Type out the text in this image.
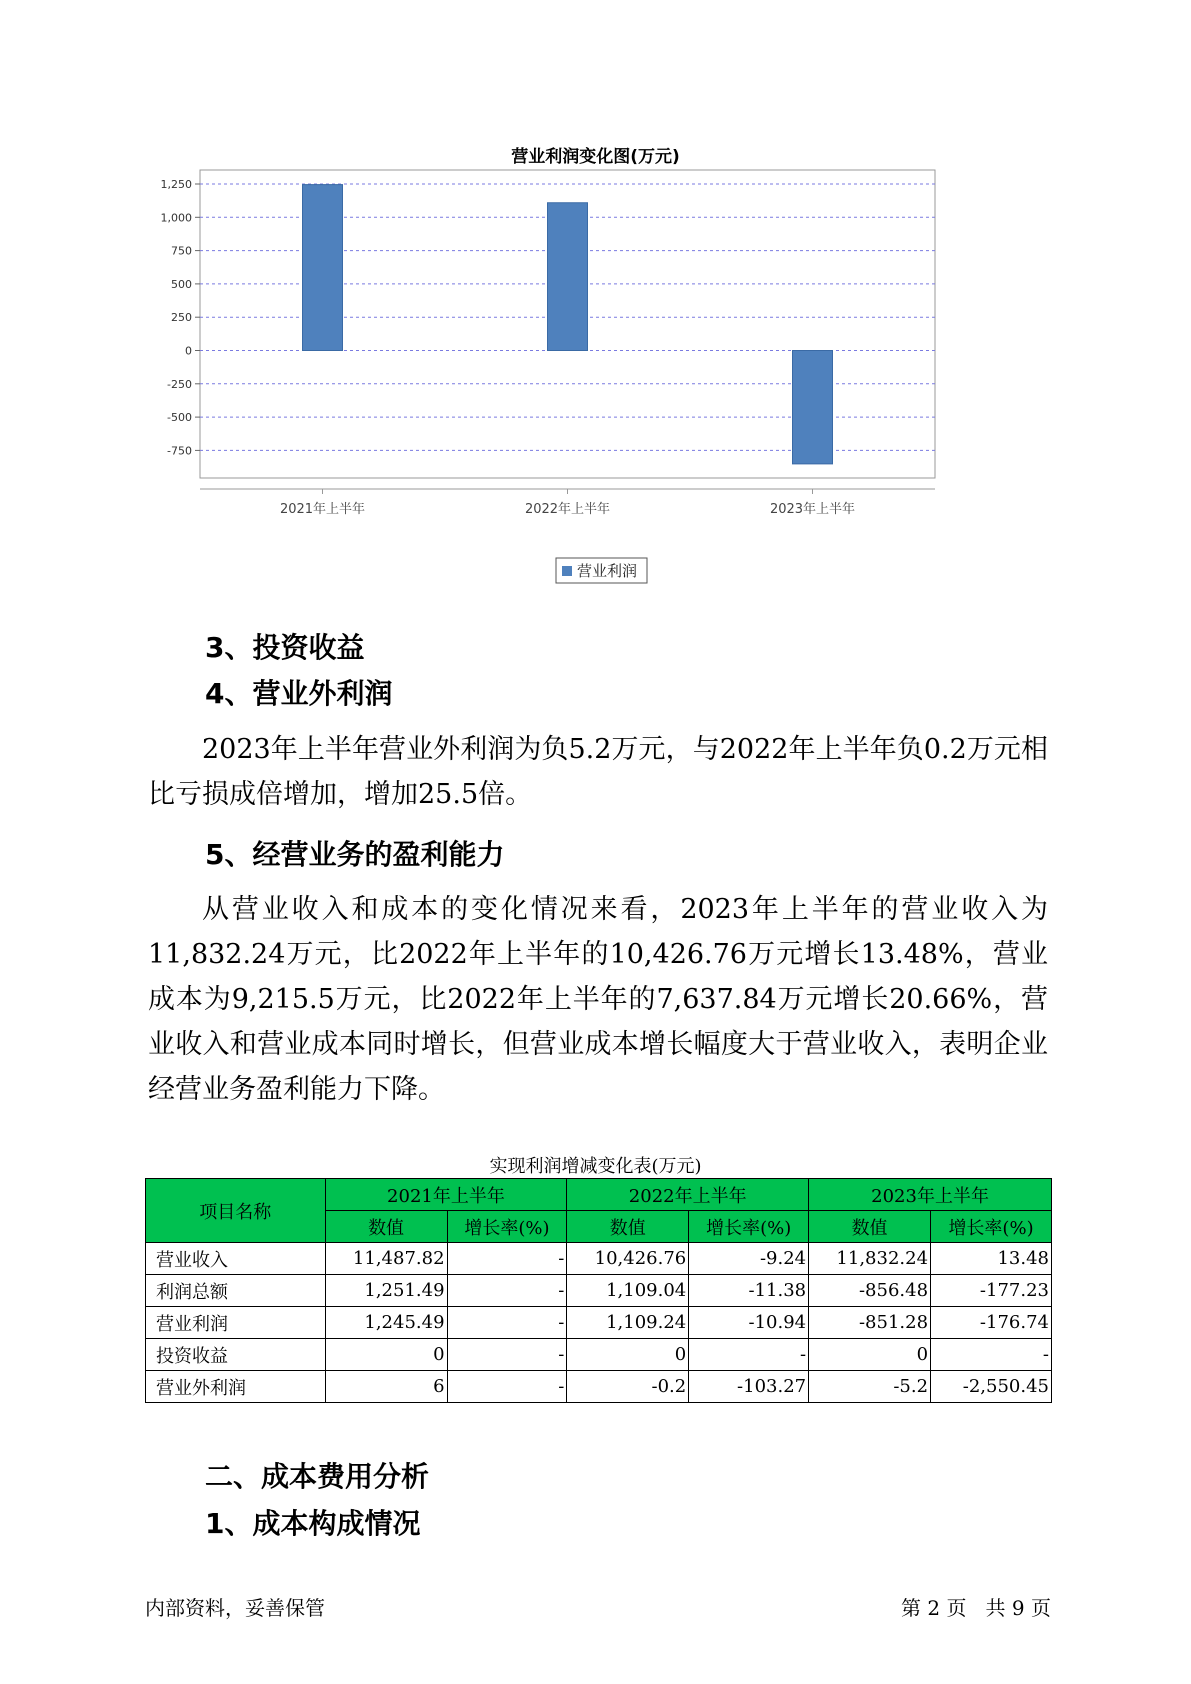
营业利润变化图(万元)
1,250
1,000
750
500
250
0
-250
-500
-750
2021年上半年	2022年上半年	2023年上半年
营业利润
3、投资收益
4、营业外利润

2023年上半年营业外利润为负5.2万元，与2022年上半年负0.2万元相比亏损成倍增加，增加25.5倍。

5、经营业务的盈利能力

从营业收入和成本的变化情况来看，2023年上半年的营业收入为11,832.24万元，比2022年上半年的10,426.76万元增长13.48%，营业成本为9,215.5万元，比2022年上半年的7,637.84万元增长20.66%，营业收入和营业成本同时增长，但营业成本增长幅度大于营业收入，表明企业经营业务盈利能力下降。

实现利润增减变化表(万元)
项目名称	2021年上半年		2022年上半年		2023年上半年	
	数值	增长率(%)	数值	增长率(%)	数值	增长率(%)
营业收入	11,487.82	-	10,426.76	-9.24	11,832.24	13.48
利润总额	1,251.49	-	1,109.04	-11.38	-856.48	-177.23
营业利润	1,245.49	-	1,109.24	-10.94	-851.28	-176.74
投资收益	0	-	0	-	0	-
营业外利润	6	-	-0.2	-103.27	-5.2	-2,550.45
二、成本费用分析
1、成本构成情况
内部资料，妥善保管	第 2 页   共 9 页
